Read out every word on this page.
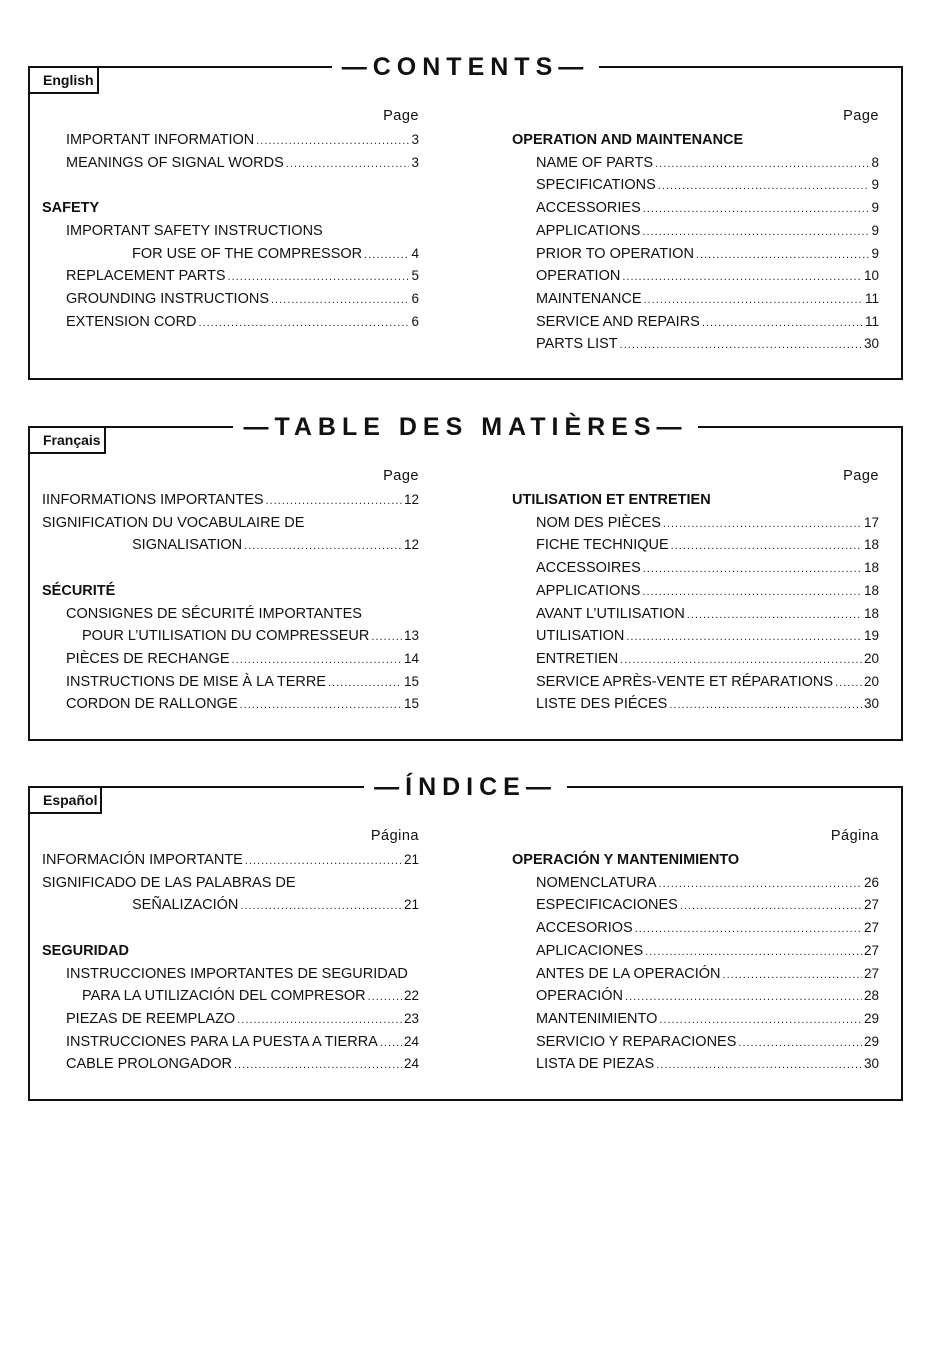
—CONTENTS—
English
Page
IMPORTANT INFORMATION .....	3
MEANINGS OF SIGNAL WORDS .....	3
SAFETY
IMPORTANT SAFETY INSTRUCTIONS
FOR USE OF THE COMPRESSOR .....	4
REPLACEMENT PARTS .....	5
GROUNDING INSTRUCTIONS .....	6
EXTENSION CORD .....	6
Page
OPERATION AND MAINTENANCE
NAME OF PARTS .....	8
SPECIFICATIONS .....	9
ACCESSORIES .....	9
APPLICATIONS .....	9
PRIOR TO OPERATION .....	9
OPERATION .....	10
MAINTENANCE .....	11
SERVICE AND REPAIRS .....	11
PARTS LIST .....	30
—TABLE DES MATIÈRES—
Français
Page
IINFORMATIONS IMPORTANTES .....	12
SIGNIFICATION DU VOCABULAIRE DE
SIGNALISATION .....	12
SÉCURITÉ
CONSIGNES DE SÉCURITÉ IMPORTANTES
POUR L’UTILISATION DU COMPRESSEUR .....	13
PIÈCES DE RECHANGE .....	14
INSTRUCTIONS DE MISE À LA TERRE .....	15
CORDON DE RALLONGE .....	15
Page
UTILISATION ET ENTRETIEN
NOM DES PIÈCES .....	17
FICHE TECHNIQUE .....	18
ACCESSOIRES .....	18
APPLICATIONS .....	18
AVANT L’UTILISATION .....	18
UTILISATION .....	19
ENTRETIEN .....	20
SERVICE APRÈS-VENTE ET RÉPARATIONS ..... 20
LISTE DES PIÉCES .....	30
—ÍNDICE—
Español
Página
INFORMACIÓN IMPORTANTE .....	21
SIGNIFICADO DE LAS PALABRAS DE
SEÑALIZACIÓN .....	21
SEGURIDAD
INSTRUCCIONES IMPORTANTES DE SEGURIDAD
PARA LA UTILIZACIÓN DEL COMPRESOR .....	22
PIEZAS DE REEMPLAZO .....	23
INSTRUCCIONES PARA LA PUESTA A TIERRA ..... 24
CABLE PROLONGADOR .....	24
Página
OPERACIÓN Y MANTENIMIENTO
NOMENCLATURA .....	26
ESPECIFICACIONES .....	27
ACCESORIOS .....	27
APLICACIONES .....	27
ANTES DE LA OPERACIÓN .....	27
OPERACIÓN .....	28
MANTENIMIENTO .....	29
SERVICIO Y REPARACIONES .....	29
LISTA DE PIEZAS .....	30
